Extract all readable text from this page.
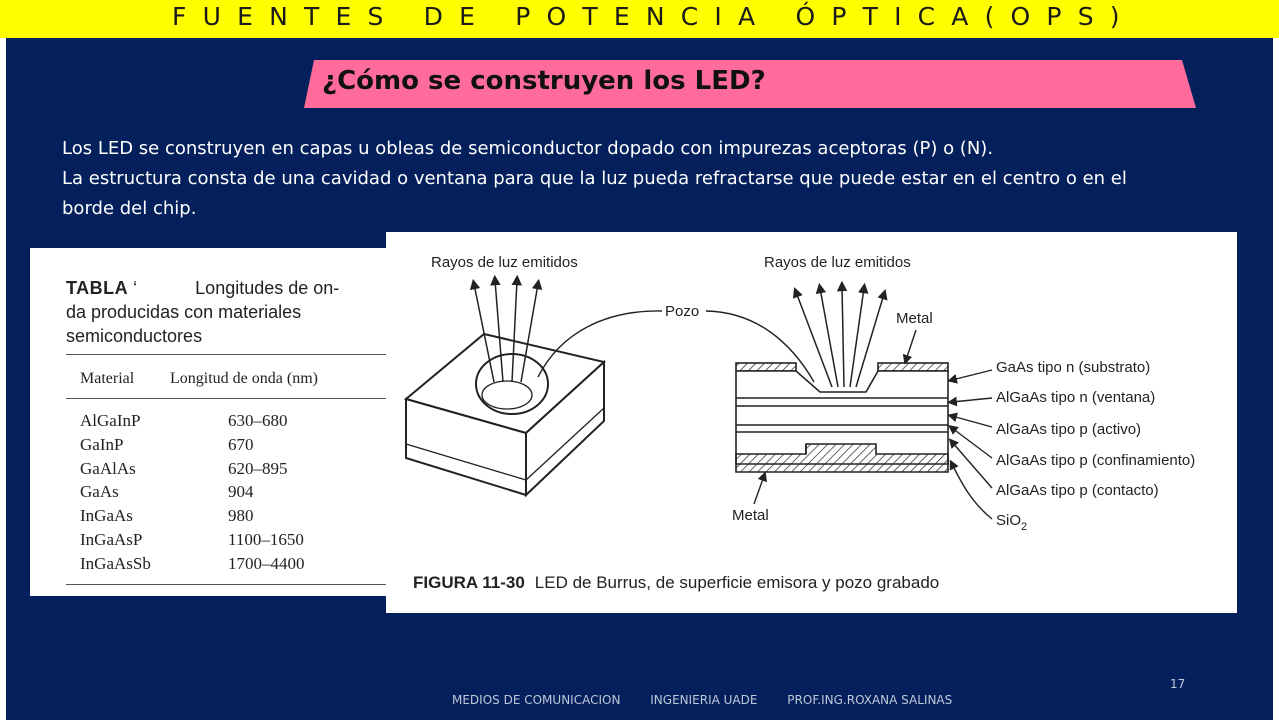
FUENTES DE POTENCIA ÓPTICA(OPS)
¿Cómo se construyen los LED?

Los LED se construyen en capas u obleas de semiconductor dopado con impurezas aceptoras (P) o (N).

La estructura consta de una cavidad o ventana para que la luz pueda refractarse que puede estar en el centro o en el borde del chip.

TABLA ‘	Longitudes de on-
da producidas con materiales
semiconductores
Material Longitud de onda (nm)
AlGaInP	630–680
GaInP	670
GaAlAs	620–895
GaAs	904
InGaAs	980
InGaAsP	1100–1650
InGaAsSb	1700–4400
Rayos de luz emitidos
Pozo
Rayos de luz emitidos
Metal
Metal
GaAs tipo n (substrato)
AlGaAs tipo n (ventana)
AlGaAs tipo p (activo)
AlGaAs tipo p (confinamiento)
AlGaAs tipo p (contacto)
SiO$_2$
FIGURA 11-30 LED de Burrus, de superficie emisora y pozo grabado
MEDIOS DE COMUNICACION INGENIERIA UADE PROF.ING.ROXANA SALINAS
17
